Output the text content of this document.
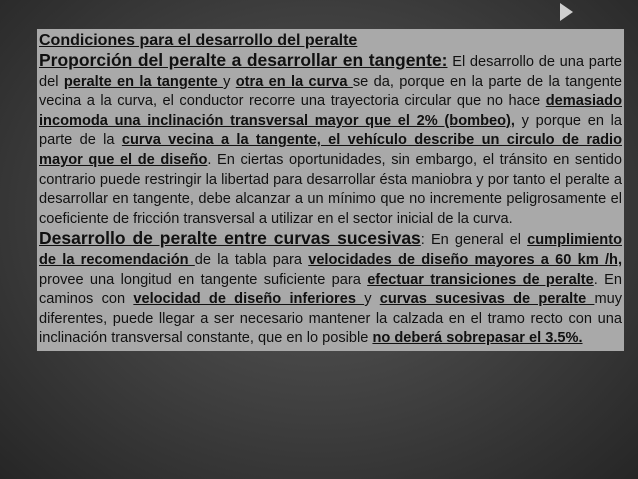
Condiciones para el desarrollo del peralte

Proporción del peralte a desarrollar en tangente: El desarrollo de una parte del peralte en la tangente y otra en la curva se da, porque en la parte de la tangente vecina a la curva, el conductor recorre una trayectoria circular que no hace demasiado incomoda una inclinación transversal mayor que el 2% (bombeo), y porque en la parte de la curva vecina a la tangente, el vehículo describe un circulo de radio mayor que el de diseño. En ciertas oportunidades, sin embargo, el tránsito en sentido contrario puede restringir la libertad para desarrollar ésta maniobra y por tanto el peralte a desarrollar en tangente, debe alcanzar a un mínimo que no incremente peligrosamente el coeficiente de fricción transversal a utilizar en el sector inicial de la curva.

Desarrollo de peralte entre curvas sucesivas: En general el cumplimiento de la recomendación de la tabla para velocidades de diseño mayores a 60 km /h, provee una longitud en tangente suficiente para efectuar transiciones de peralte. En caminos con velocidad de diseño inferiores y curvas sucesivas de peralte muy diferentes, puede llegar a ser necesario mantener la calzada en el tramo recto con una inclinación transversal constante, que en lo posible no deberá sobrepasar el 3.5%.
